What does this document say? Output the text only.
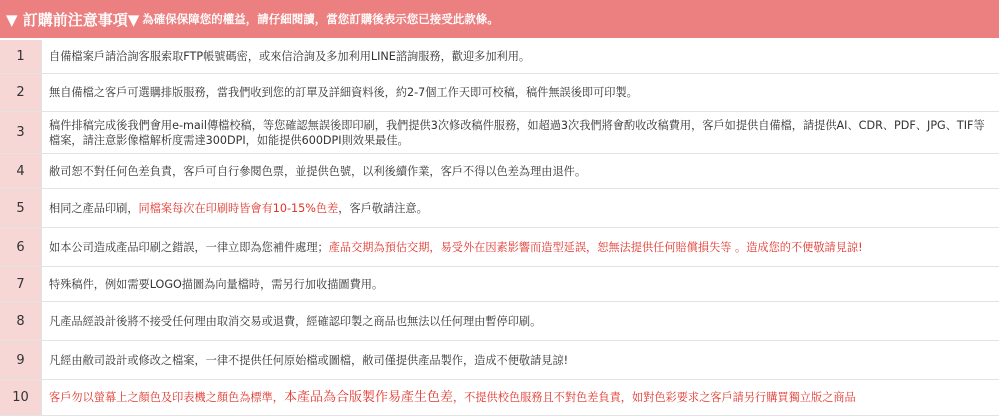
▼ 訂購前注意事項▼ 為確保保障您的權益，請仔細閱讀，當您訂購後表示您已接受此款條。
1	自備檔案戶請洽詢客服索取FTP帳號碼密，或來信洽詢及多加利用LINE諮詢服務，歡迎多加利用。
2	無自備檔之客戶可選購排版服務，當我們收到您的訂單及詳細資料後，約2-7個工作天即可校稿，稿件無誤後即可印製。
3	稿件排稿完成後我們會用e-mail傳檔校稿，等您確認無誤後即印刷，我們提供3次修改稿件服務，如超過3次我們將會酌收改稿費用，客戶如提供自備檔，請提供AI、CDR、PDF、JPG、TIF等檔案，請注意影像檔解析度需達300DPI，如能提供600DPI則效果最佳。
4	敝司恕不對任何色差負責，客戶可自行參閱色票，並提供色號，以利後續作業，客戶不得以色差為理由退件。
5	相同之產品印刷， 同檔案每次在印刷時皆會有10-15%色差 ，客戶敬請注意。
6	如本公司造成產品印刷之錯誤，一律立即為您補件處理； 產品交期為預估交期，易受外在因素影響而造型延誤，恕無法提供任何賠償損失等 。造成您的不便敬請見諒!
7	特殊稿件，例如需要LOGO描圖為向量檔時，需另行加收描圖費用。
8	凡產品經設計後將不接受任何理由取消交易或退費，經確認印製之商品也無法以任何理由暫停印刷。
9	凡經由敝司設計或修改之檔案，一律不提供任何原始檔或圖檔，敝司僅提供產品製作，造成不便敬請見諒!
10	客戶勿以螢幕上之顏色及印表機之顏色為標準， 本產品為合版製作易產生色差 ，不提供校色服務且不對色差負責，如對色彩要求之客戶請另行購買獨立版之商品
